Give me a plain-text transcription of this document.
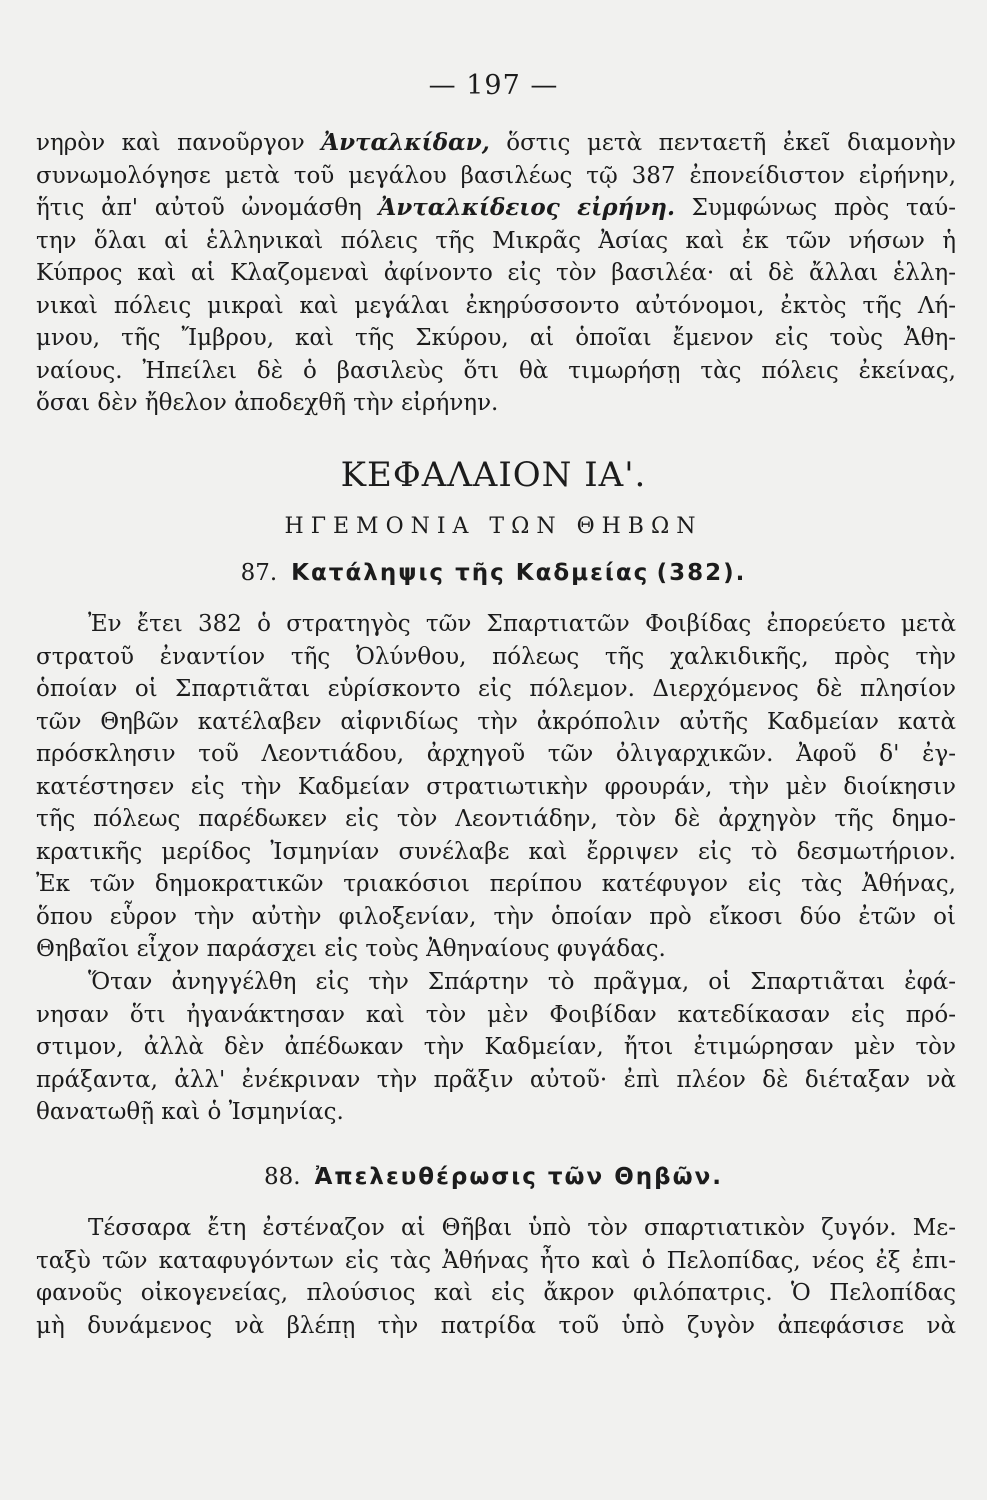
— 197 —
νηρὸν καὶ πανοῦργον Ἀνταλκίδαν, ὅστις μετὰ πενταετῆ ἐκεῖ διαμονὴν
συνωμολόγησε μετὰ τοῦ μεγάλου βασιλέως τῷ 387 ἐπονείδιστον εἰρήνην,
ἥτις ἀπ' αὐτοῦ ὠνομάσθη Ἀνταλκίδειος εἰρήνη. Συμφώνως πρὸς ταύ-
την ὅλαι αἱ ἑλληνικαὶ πόλεις τῆς Μικρᾶς Ἀσίας καὶ ἐκ τῶν νήσων ἡ
Κύπρος καὶ αἱ Κλαζομεναὶ ἀφίνοντο εἰς τὸν βασιλέα· αἱ δὲ ἄλλαι ἑλλη-
νικαὶ πόλεις μικραὶ καὶ μεγάλαι ἐκηρύσσοντο αὐτόνομοι, ἐκτὸς τῆς Λή-
μνου, τῆς Ἴμβρου, καὶ τῆς Σκύρου, αἱ ὁποῖαι ἔμενον εἰς τοὺς Ἀθη-
ναίους. Ἠπείλει δὲ ὁ βασιλεὺς ὅτι θὰ τιμωρήσῃ τὰς πόλεις ἐκείνας,
ὅσαι δὲν ἤθελον ἀποδεχθῆ τὴν εἰρήνην.
ΚΕΦΑΛΑΙΟΝ ΙΑ'.
ΗΓΕΜΟΝΙΑ ΤΩΝ ΘΗΒΩΝ
87. Κατάληψις τῆς Καδμείας (382).
Ἐν ἔτει 382 ὁ στρατηγὸς τῶν Σπαρτιατῶν Φοιβίδας ἐπορεύετο μετὰ
στρατοῦ ἐναντίον τῆς Ὀλύνθου, πόλεως τῆς χαλκιδικῆς, πρὸς τὴν
ὁποίαν οἱ Σπαρτιᾶται εὑρίσκοντο εἰς πόλεμον. Διερχόμενος δὲ πλησίον
τῶν Θηβῶν κατέλαβεν αἰφνιδίως τὴν ἀκρόπολιν αὐτῆς Καδμείαν κατὰ
πρόσκλησιν τοῦ Λεοντιάδου, ἀρχηγοῦ τῶν ὀλιγαρχικῶν. Ἀφοῦ δ' ἐγ-
κατέστησεν εἰς τὴν Καδμείαν στρατιωτικὴν φρουράν, τὴν μὲν διοίκησιν
τῆς πόλεως παρέδωκεν εἰς τὸν Λεοντιάδην, τὸν δὲ ἀρχηγὸν τῆς δημο-
κρατικῆς μερίδος Ἰσμηνίαν συνέλαβε καὶ ἔρριψεν εἰς τὸ δεσμωτήριον.
Ἐκ τῶν δημοκρατικῶν τριακόσιοι περίπου κατέφυγον εἰς τὰς Ἀθήνας,
ὅπου εὗρον τὴν αὐτὴν φιλοξενίαν, τὴν ὁποίαν πρὸ εἴκοσι δύο ἐτῶν οἱ
Θηβαῖοι εἶχον παράσχει εἰς τοὺς Ἀθηναίους φυγάδας.
Ὅταν ἀνηγγέλθη εἰς τὴν Σπάρτην τὸ πρᾶγμα, οἱ Σπαρτιᾶται ἐφά-
νησαν ὅτι ἠγανάκτησαν καὶ τὸν μὲν Φοιβίδαν κατεδίκασαν εἰς πρό-
στιμον, ἀλλὰ δὲν ἀπέδωκαν τὴν Καδμείαν, ἤτοι ἐτιμώρησαν μὲν τὸν
πράξαντα, ἀλλ' ἐνέκριναν τὴν πρᾶξιν αὐτοῦ· ἐπὶ πλέον δὲ διέταξαν νὰ
θανατωθῇ καὶ ὁ Ἰσμηνίας.
88. Ἀπελευθέρωσις τῶν Θηβῶν.
Τέσσαρα ἔτη ἐστέναζον αἱ Θῆβαι ὑπὸ τὸν σπαρτιατικὸν ζυγόν. Με-
ταξὺ τῶν καταφυγόντων εἰς τὰς Ἀθήνας ἦτο καὶ ὁ Πελοπίδας, νέος ἐξ ἐπι-
φανοῦς οἰκογενείας, πλούσιος καὶ εἰς ἄκρον φιλόπατρις. Ὁ Πελοπίδας
μὴ δυνάμενος νὰ βλέπῃ τὴν πατρίδα τοῦ ὑπὸ ζυγὸν ἀπεφάσισε νὰ
